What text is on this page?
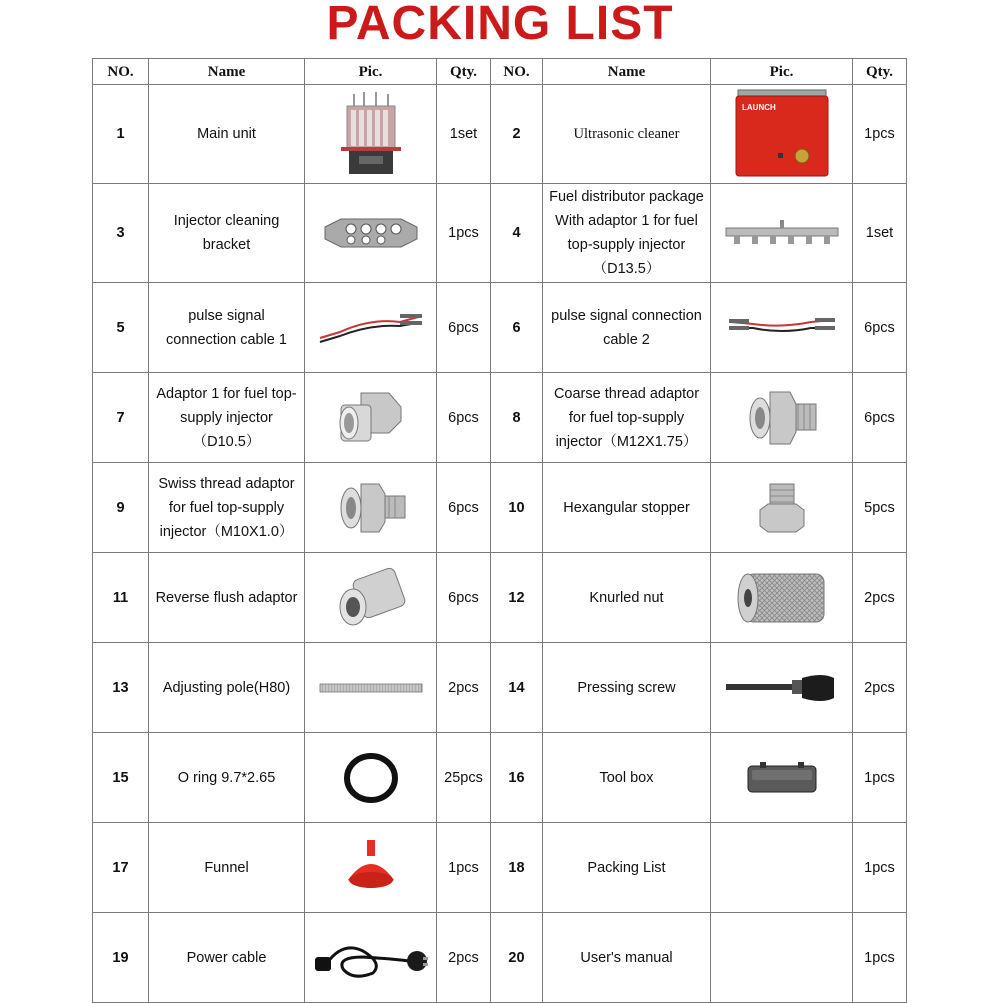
PACKING LIST
NO.	Name	Pic.	Qty.	NO.	Name	Pic.	Qty.
1	Main unit		1set	2	Ultrasonic cleaner	LAUNCH	1pcs
3	Injector cleaning bracket		1pcs	4	Fuel distributor package With adaptor 1 for fuel top-supply injector（D13.5）		1set
5	pulse signal connection cable 1		6pcs	6	pulse signal connection cable 2		6pcs
7	Adaptor 1 for fuel top-supply injector（D10.5）		6pcs	8	Coarse thread adaptor for fuel top-supply injector（M12X1.75）		6pcs
9	Swiss thread adaptor for fuel top-supply injector（M10X1.0）		6pcs	10	Hexangular stopper		5pcs
11	Reverse flush adaptor		6pcs	12	Knurled nut		2pcs
13	Adjusting pole(H80)		2pcs	14	Pressing screw		2pcs
15	O ring 9.7*2.65		25pcs	16	Tool box		1pcs
17	Funnel		1pcs	18	Packing List		1pcs
19	Power cable		2pcs	20	User's manual		1pcs
